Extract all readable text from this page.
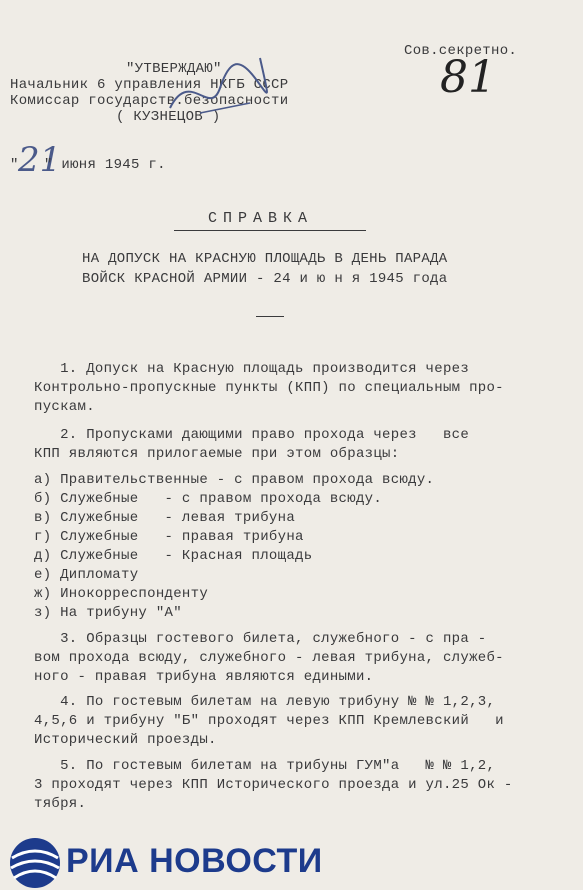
Сов.секретно.
81
"УТВЕРЖДАЮ"
Начальник 6 управления НКГБ СССР
Комиссар государств.безопасности
( КУЗНЕЦОВ )
" 21
" июня 1945 г.
СПРАВКА
НА ДОПУСК НА КРАСНУЮ ПЛОЩАДЬ В ДЕНЬ ПАРАДА
ВОЙСК КРАСНОЙ АРМИИ - 24 и ю н я 1945 года
1. Допуск на Красную площадь производится через
Контрольно-пропускные пункты (КПП) по специальным про-
пускам.
2. Пропусками дающими право прохода через   все
КПП являются прилогаемые при этом образцы:
а) Правительственные - с правом прохода всюду.
б) Служебные   - с правом прохода всюду.
в) Служебные   - левая трибуна
г) Служебные   - правая трибуна
д) Служебные   - Красная площадь
е) Дипломату
ж) Инокорреспонденту
з) На трибуну "А"
3. Образцы гостевого билета, служебного - с пра -
вом прохода всюду, служебного - левая трибуна, служеб-
ного - правая трибуна являются едиными.
4. По гостевым билетам на левую трибуну № № 1,2,3,
4,5,6 и трибуну "Б" проходят через КПП Кремлевский   и
Исторический проезды.
5. По гостевым билетам на трибуны ГУМ"а   № № 1,2,
3 проходят через КПП Исторического проезда и ул.25 Ок -
тября.
РИА НОВОСТИ
